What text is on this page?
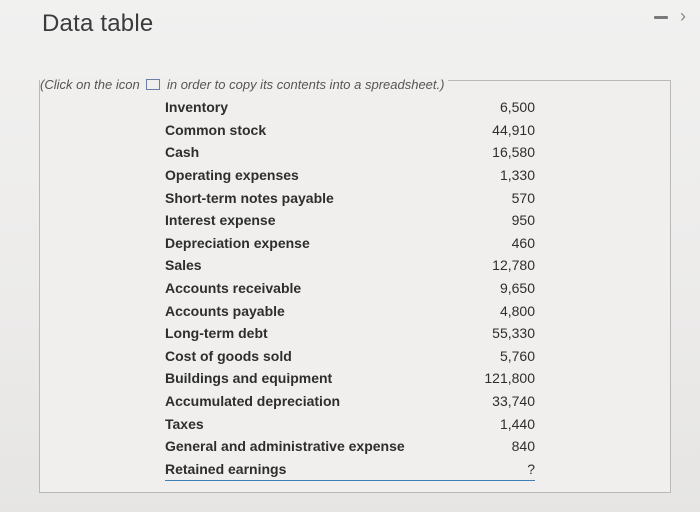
Data table	›
(Click on the icon in order to copy its contents into a spreadsheet.)
Inventory	6,500
Common stock	44,910
Cash	16,580
Operating expenses	1,330
Short-term notes payable	570
Interest expense	950
Depreciation expense	460
Sales	12,780
Accounts receivable	9,650
Accounts payable	4,800
Long-term debt	55,330
Cost of goods sold	5,760
Buildings and equipment	121,800
Accumulated depreciation	33,740
Taxes	1,440
General and administrative expense	840
Retained earnings	?
